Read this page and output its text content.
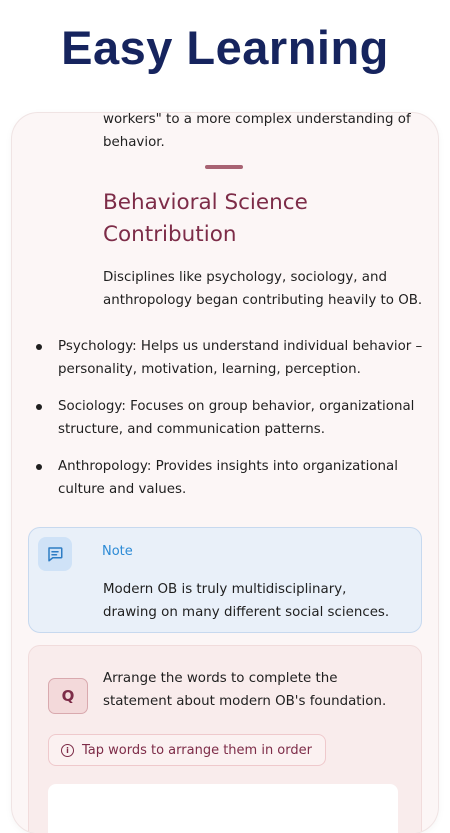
Easy Learning

workers" to a more complex understanding of behavior.

Behavioral Science Contribution

Disciplines like psychology, sociology, and anthropology began contributing heavily to OB.

Psychology: Helps us understand individual behavior – personality, motivation, learning, perception.
Sociology: Focuses on group behavior, organizational structure, and communication patterns.
Anthropology: Provides insights into organizational culture and values.
Note

Modern OB is truly multidisciplinary, drawing on many different social sciences.

Q

Arrange the words to complete the statement about modern OB's foundation.

i	Tap words to arrange them in order
